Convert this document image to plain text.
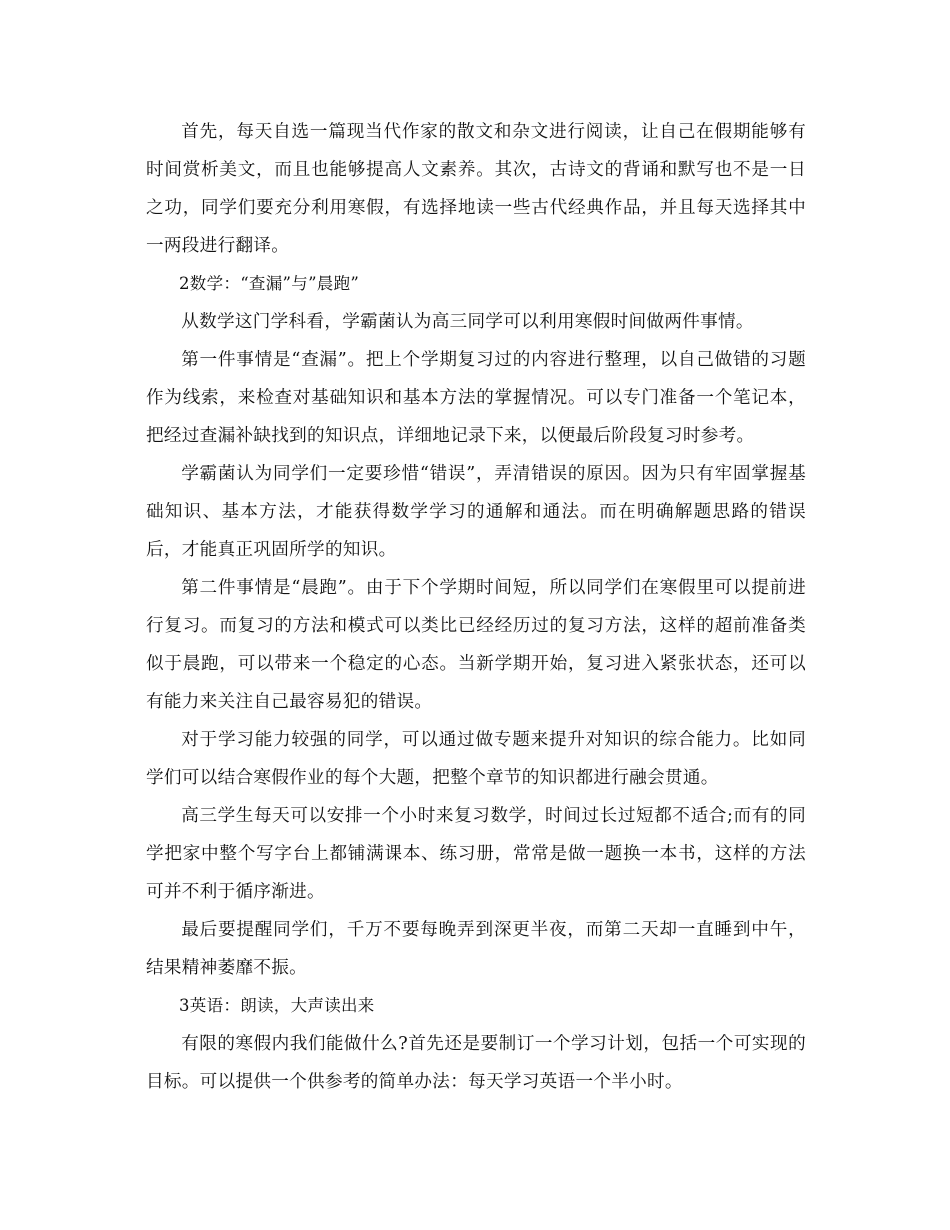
首先，每天自选一篇现当代作家的散文和杂文进行阅读，让自己在假期能够有时间赏析美文，而且也能够提高人文素养。其次，古诗文的背诵和默写也不是一日之功，同学们要充分利用寒假，有选择地读一些古代经典作品，并且每天选择其中一两段进行翻译。

2数学：“查漏”与”晨跑”

从数学这门学科看，学霸菌认为高三同学可以利用寒假时间做两件事情。

第一件事情是“查漏”。把上个学期复习过的内容进行整理，以自己做错的习题作为线索，来检查对基础知识和基本方法的掌握情况。可以专门准备一个笔记本，把经过查漏补缺找到的知识点，详细地记录下来，以便最后阶段复习时参考。

学霸菌认为同学们一定要珍惜“错误”，弄清错误的原因。因为只有牢固掌握基础知识、基本方法，才能获得数学学习的通解和通法。而在明确解题思路的错误后，才能真正巩固所学的知识。

第二件事情是“晨跑”。由于下个学期时间短，所以同学们在寒假里可以提前进行复习。而复习的方法和模式可以类比已经经历过的复习方法，这样的超前准备类似于晨跑，可以带来一个稳定的心态。当新学期开始，复习进入紧张状态，还可以有能力来关注自己最容易犯的错误。

对于学习能力较强的同学，可以通过做专题来提升对知识的综合能力。比如同学们可以结合寒假作业的每个大题，把整个章节的知识都进行融会贯通。

高三学生每天可以安排一个小时来复习数学，时间过长过短都不适合;而有的同学把家中整个写字台上都铺满课本、练习册，常常是做一题换一本书，这样的方法可并不利于循序渐进。

最后要提醒同学们，千万不要每晚弄到深更半夜，而第二天却一直睡到中午，结果精神萎靡不振。

3英语：朗读，大声读出来

有限的寒假内我们能做什么?首先还是要制订一个学习计划，包括一个可实现的目标。可以提供一个供参考的简单办法：每天学习英语一个半小时。
